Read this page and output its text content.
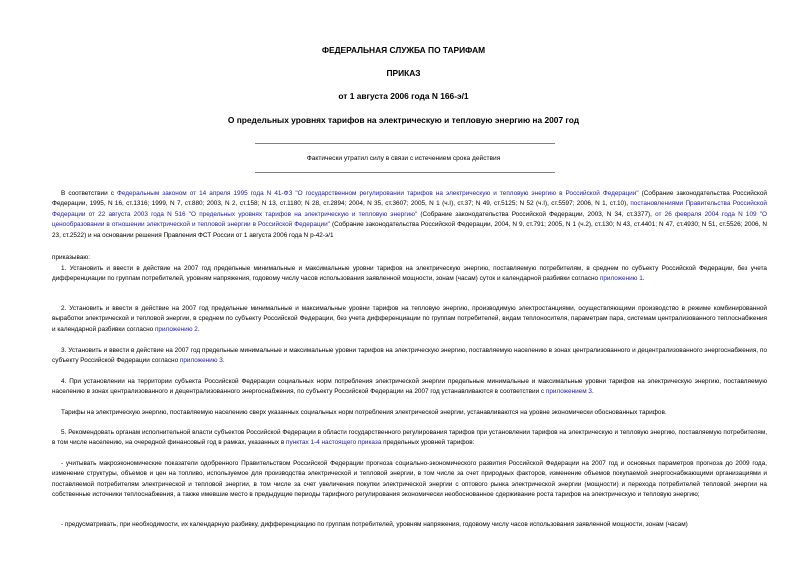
ФЕДЕРАЛЬНАЯ СЛУЖБА ПО ТАРИФАМ
ПРИКАЗ
от 1 августа 2006 года N 166-э/1
О предельных уровнях тарифов на электрическую и тепловую энергию на 2007 год
Фактически утратил силу в связи с истечением срока действия
В соответствии с Федеральным законом от 14 апреля 1995 года N 41-ФЗ "О государственном регулировании тарифов на электрическую и тепловую энергию в Российской Федерации" (Собрание законодательства Российской Федерации, 1995, N 16, ст.1316; 1999, N 7, ст.880; 2003, N 2, ст.158; N 13, ст.1180; N 28, ст.2894; 2004, N 35, ст.3607; 2005, N 1 (ч.I), ст.37; N 49, ст.5125; N 52 (ч.I), ст.5597; 2006, N 1, ст.10), постановлениями Правительства Российской Федерации от 22 августа 2003 года N 516 "О предельных уровнях тарифов на электрическую и тепловую энергию" (Собрание законодательства Российской Федерации, 2003, N 34, ст.3377), от 26 февраля 2004 года N 109 "О ценообразовании в отношении электрической и тепловой энергии в Российской Федерации" (Собрание законодательства Российской Федерации, 2004, N 9, ст.791; 2005, N 1 (ч.2), ст.130; N 43, ст.4401; N 47, ст.4930; N 51, ст.5526; 2006, N 23, ст.2522) и на основании решения Правления ФСТ России от 1 августа 2006 года N р-42-э/1
приказываю:
1. Установить и ввести в действие на 2007 год предельные минимальные и максимальные уровни тарифов на электрическую энергию, поставляемую потребителям, в среднем по субъекту Российской Федерации, без учета дифференциации по группам потребителей, уровням напряжения, годовому числу часов использования заявленной мощности, зонам (часам) суток и календарной разбивки согласно приложению 1.
2. Установить и ввести в действие на 2007 год предельные минимальные и максимальные уровни тарифов на тепловую энергию, производимую электростанциями, осуществляющими производство в режиме комбинированной выработки электрической и тепловой энергии, в среднем по субъекту Российской Федерации, без учета дифференциации по группам потребителей, видам теплоносителя, параметрам пара, системам централизованного теплоснабжения и календарной разбивки согласно приложению 2.
3. Установить и ввести в действие на 2007 год предельные минимальные и максимальные уровни тарифов на электрическую энергию, поставляемую населению в зонах централизованного и децентрализованного энергоснабжения, по субъекту Российской Федерации согласно приложению 3.
4. При установлении на территории субъекта Российской Федерации социальных норм потребления электрической энергии предельные минимальные и максимальные уровни тарифов на электрическую энергию, поставляемую населению в зонах централизованного и децентрализованного энергоснабжения, по субъекту Российской Федерации на 2007 год устанавливаются в соответствии с приложением 3.
Тарифы на электрическую энергию, поставляемую населению сверх указанных социальных норм потребления электрической энергии, устанавливаются на уровне экономически обоснованных тарифов.
5. Рекомендовать органам исполнительной власти субъектов Российской Федерации в области государственного регулирования тарифов при установлении тарифов на электрическую и тепловую энергию, поставляемую потребителям, в том числе населению, на очередной финансовый год в рамках, указанных в пунктах 1-4 настоящего приказа предельных уровней тарифов:
- учитывать макроэкономические показатели одобренного Правительством Российской Федерации прогноза социально-экономического развития Российской Федерации на 2007 год и основных параметров прогноза до 2009 года, изменение структуры, объемов и цен на топливо, используемое для производства электрической и тепловой энергии, в том числе за счет природных факторов, изменение объемов покупаемой энергоснабжающими организациями и поставляемой потребителям электрической и тепловой энергии, в том числе за счет увеличения покупки электрической энергии с оптового рынка электрической энергии (мощности) и перехода потребителей тепловой энергии на собственные источники теплоснабжения, а также имевшие место в предыдущие периоды тарифного регулирования экономически необоснованное сдерживание роста тарифов на электрическую и тепловую энергию;
- предусматривать, при необходимости, их календарную разбивку, дифференциацию по группам потребителей, уровням напряжения, годовому числу часов использования заявленной мощности, зонам (часам)
